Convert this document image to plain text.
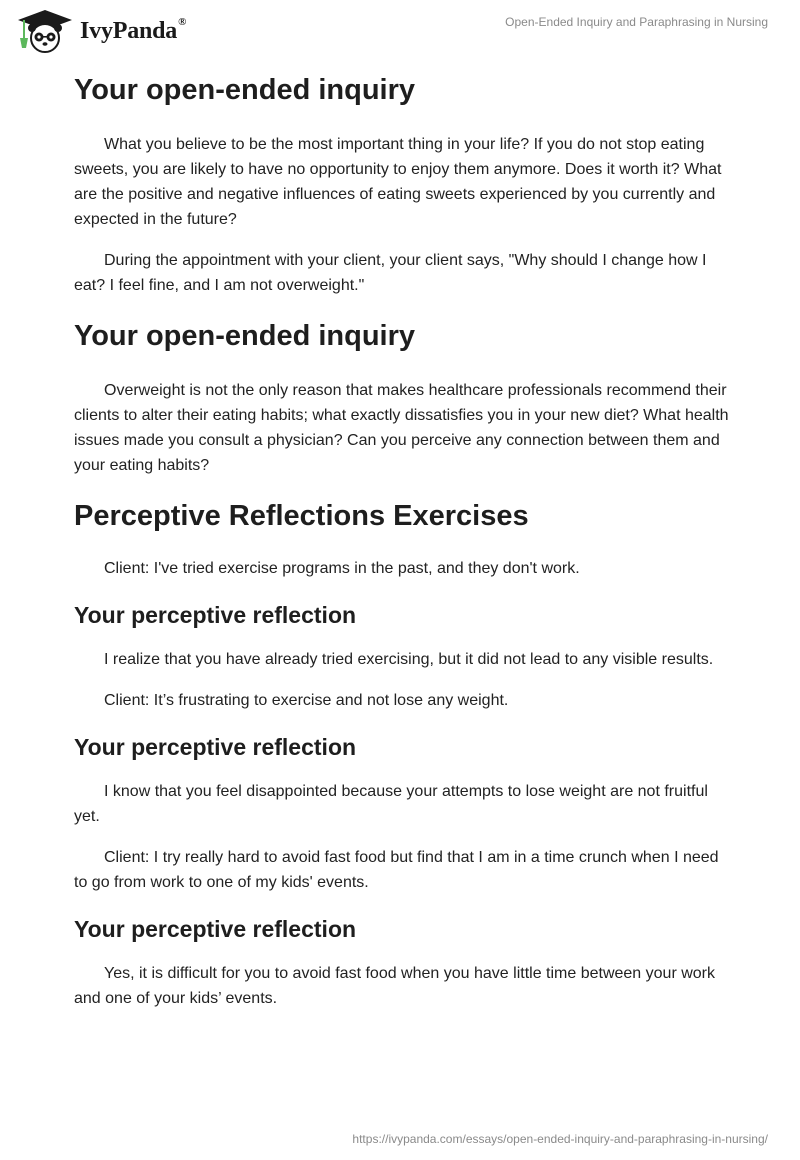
IvyPanda®	Open-Ended Inquiry and Paraphrasing in Nursing
Your open-ended inquiry

What you believe to be the most important thing in your life? If you do not stop eating sweets, you are likely to have no opportunity to enjoy them anymore. Does it worth it? What are the positive and negative influences of eating sweets experienced by you currently and expected in the future?

During the appointment with your client, your client says, "Why should I change how I eat? I feel fine, and I am not overweight."

Your open-ended inquiry

Overweight is not the only reason that makes healthcare professionals recommend their clients to alter their eating habits; what exactly dissatisfies you in your new diet? What health issues made you consult a physician? Can you perceive any connection between them and your eating habits?

Perceptive Reflections Exercises

Client: I've tried exercise programs in the past, and they don't work.

Your perceptive reflection

I realize that you have already tried exercising, but it did not lead to any visible results.

Client: It’s frustrating to exercise and not lose any weight.

Your perceptive reflection

I know that you feel disappointed because your attempts to lose weight are not fruitful yet.

Client: I try really hard to avoid fast food but find that I am in a time crunch when I need to go from work to one of my kids' events.

Your perceptive reflection

Yes, it is difficult for you to avoid fast food when you have little time between your work and one of your kids’ events.

https://ivypanda.com/essays/open-ended-inquiry-and-paraphrasing-in-nursing/
